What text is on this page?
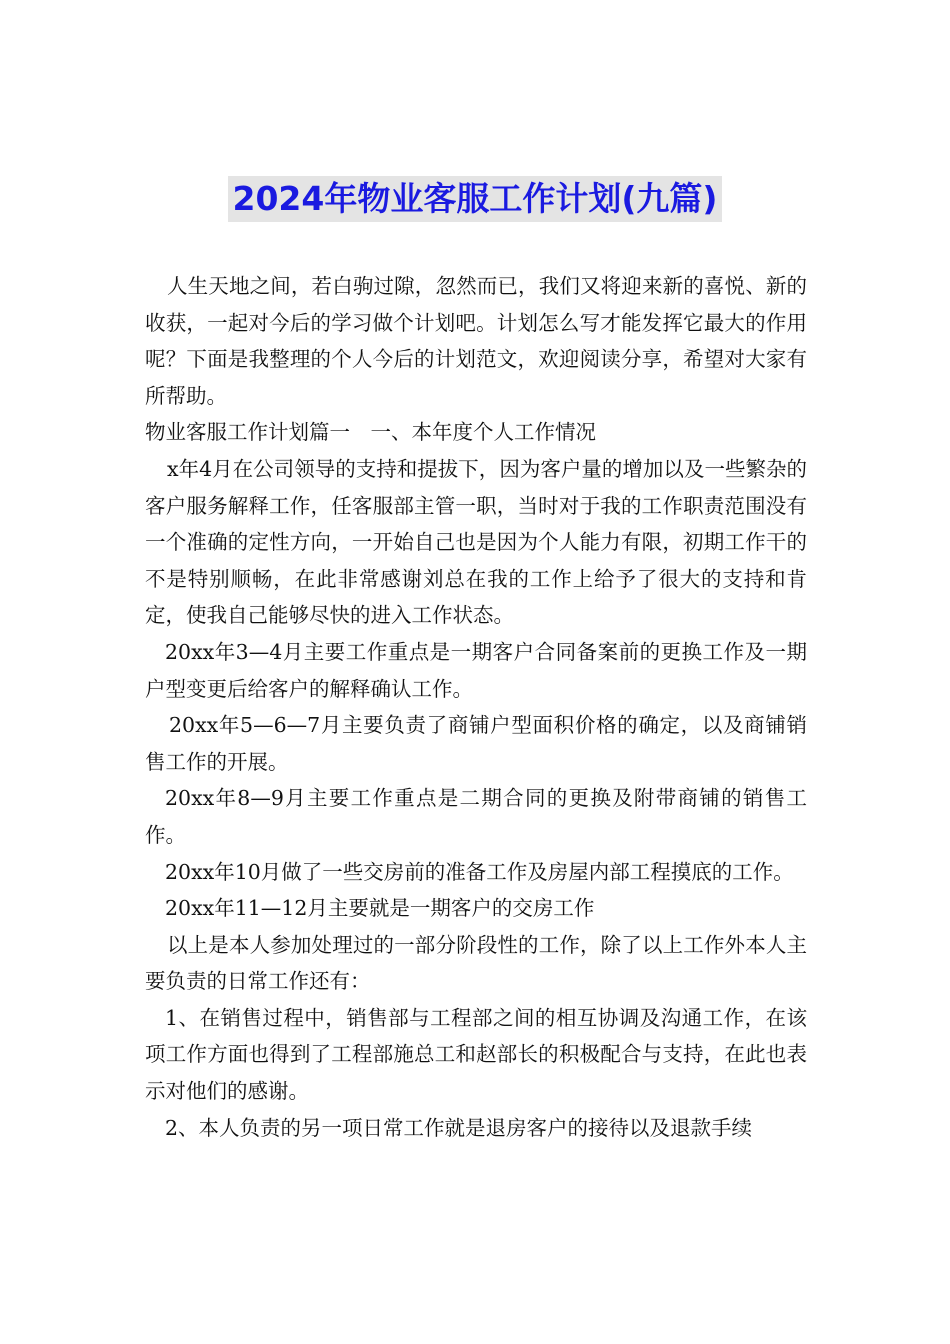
2024年物业客服工作计划(九篇)

人生天地之间，若白驹过隙，忽然而已，我们又将迎来新的喜悦、新的收获，一起对今后的学习做个计划吧。计划怎么写才能发挥它最大的作用呢？下面是我整理的个人今后的计划范文，欢迎阅读分享，希望对大家有所帮助。

物业客服工作计划篇一　一、本年度个人工作情况

x年4月在公司领导的支持和提拔下，因为客户量的增加以及一些繁杂的客户服务解释工作，任客服部主管一职，当时对于我的工作职责范围没有一个准确的定性方向，一开始自己也是因为个人能力有限，初期工作干的不是特别顺畅，在此非常感谢刘总在我的工作上给予了很大的支持和肯定，使我自己能够尽快的进入工作状态。

20xx年3—4月主要工作重点是一期客户合同备案前的更换工作及一期户型变更后给客户的解释确认工作。

20xx年5—6—7月主要负责了商铺户型面积价格的确定，以及商铺销售工作的开展。

20xx年8—9月主要工作重点是二期合同的更换及附带商铺的销售工作。

20xx年10月做了一些交房前的准备工作及房屋内部工程摸底的工作。

20xx年11—12月主要就是一期客户的交房工作

以上是本人参加处理过的一部分阶段性的工作，除了以上工作外本人主要负责的日常工作还有：

1、在销售过程中，销售部与工程部之间的相互协调及沟通工作，在该项工作方面也得到了工程部施总工和赵部长的积极配合与支持，在此也表示对他们的感谢。

2、本人负责的另一项日常工作就是退房客户的接待以及退款手续
